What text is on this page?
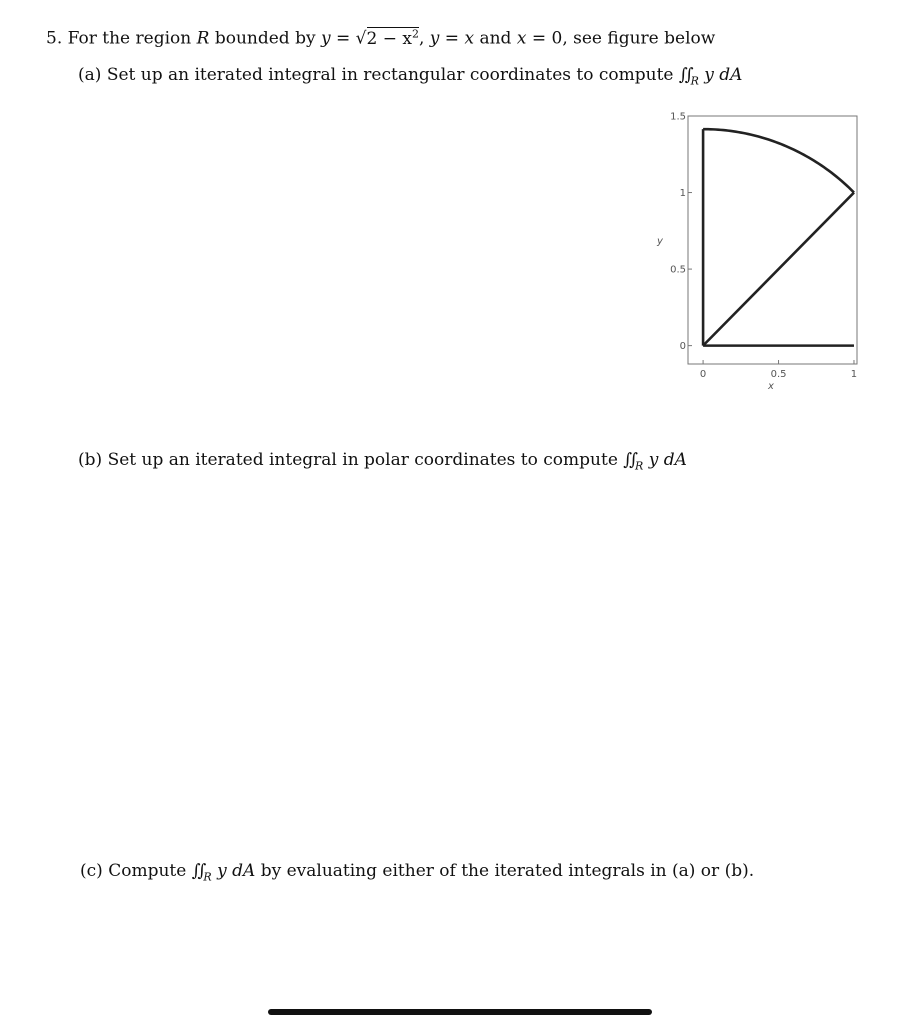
5. For the region R bounded by $y = √2 - x^2$, y = x and x = 0, see figure below
(a) Set up an iterated integral in rectangular coordinates to compute $\int\int_R$ y dA
0
0.5
1
1.5
0	0.5	1
y
x
(b) Set up an iterated integral in polar coordinates to compute $\int\int_R$ y dA
(c) Compute $\int\int_R$ y dA by evaluating either of the iterated integrals in (a) or (b).
